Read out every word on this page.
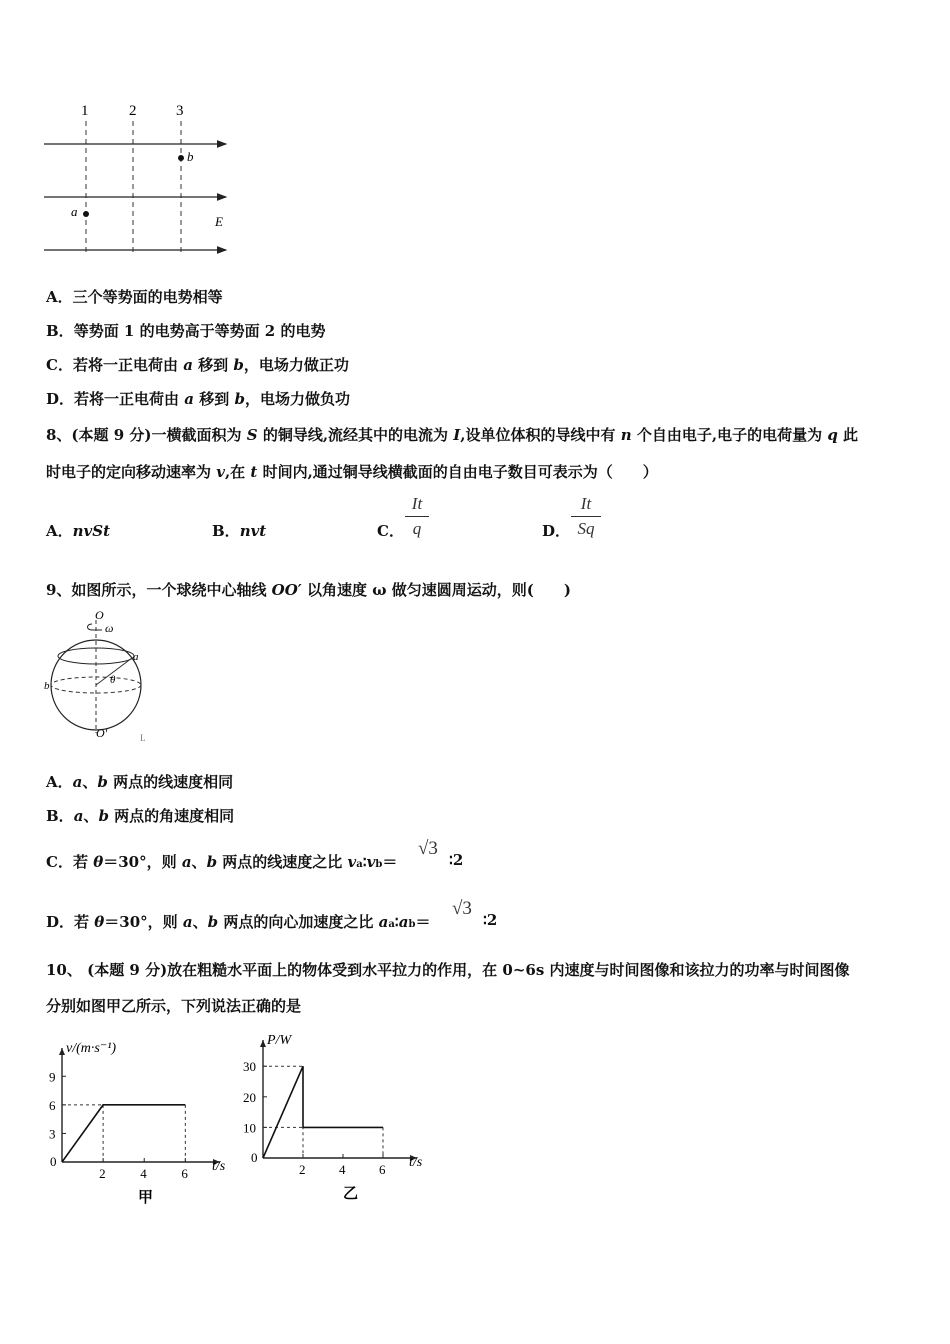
1	2	3
b
a
E
A．三个等势面的电势相等
B．等势面 1 的电势高于等势面 2 的电势
C．若将一正电荷由 a 移到 b，电场力做正功
D．若将一正电荷由 a 移到 b，电场力做负功
8、(本题 9 分)一横截面积为 S 的铜导线,流经其中的电流为 I,设单位体积的导线中有 n 个自由电子,电子的电荷量为 q 此
时电子的定向移动速率为 v,在 t 时间内,通过铜导线横截面的自由电子数目可表示为（　　）
A．nvSt	B．nvt	C．
It
q	D．
It
Sq
9、如图所示，一个球绕中心轴线 OO′ 以角速度 ω 做匀速圆周运动，则(　　)
O
ω
a
θ
b
O′	L
A．a、b 两点的线速度相同
B．a、b 两点的角速度相同
C．若 θ＝30°，则 a、b 两点的线速度之比 va∶vb＝
√3
∶2
D．若 θ＝30°，则 a、b 两点的向心加速度之比 aa∶ab＝
√3
∶2
10、 (本题 9 分)放在粗糙水平面上的物体受到水平拉力的作用，在 0~6s 内速度与时间图像和该拉力的功率与时间图像
分别如图甲乙所示，下列说法正确的是
v/(m·s⁻¹)
t/s
0
2	4	6
3
6
9
甲
P/W
t/s
0
2	4	6
10
20
30
乙
